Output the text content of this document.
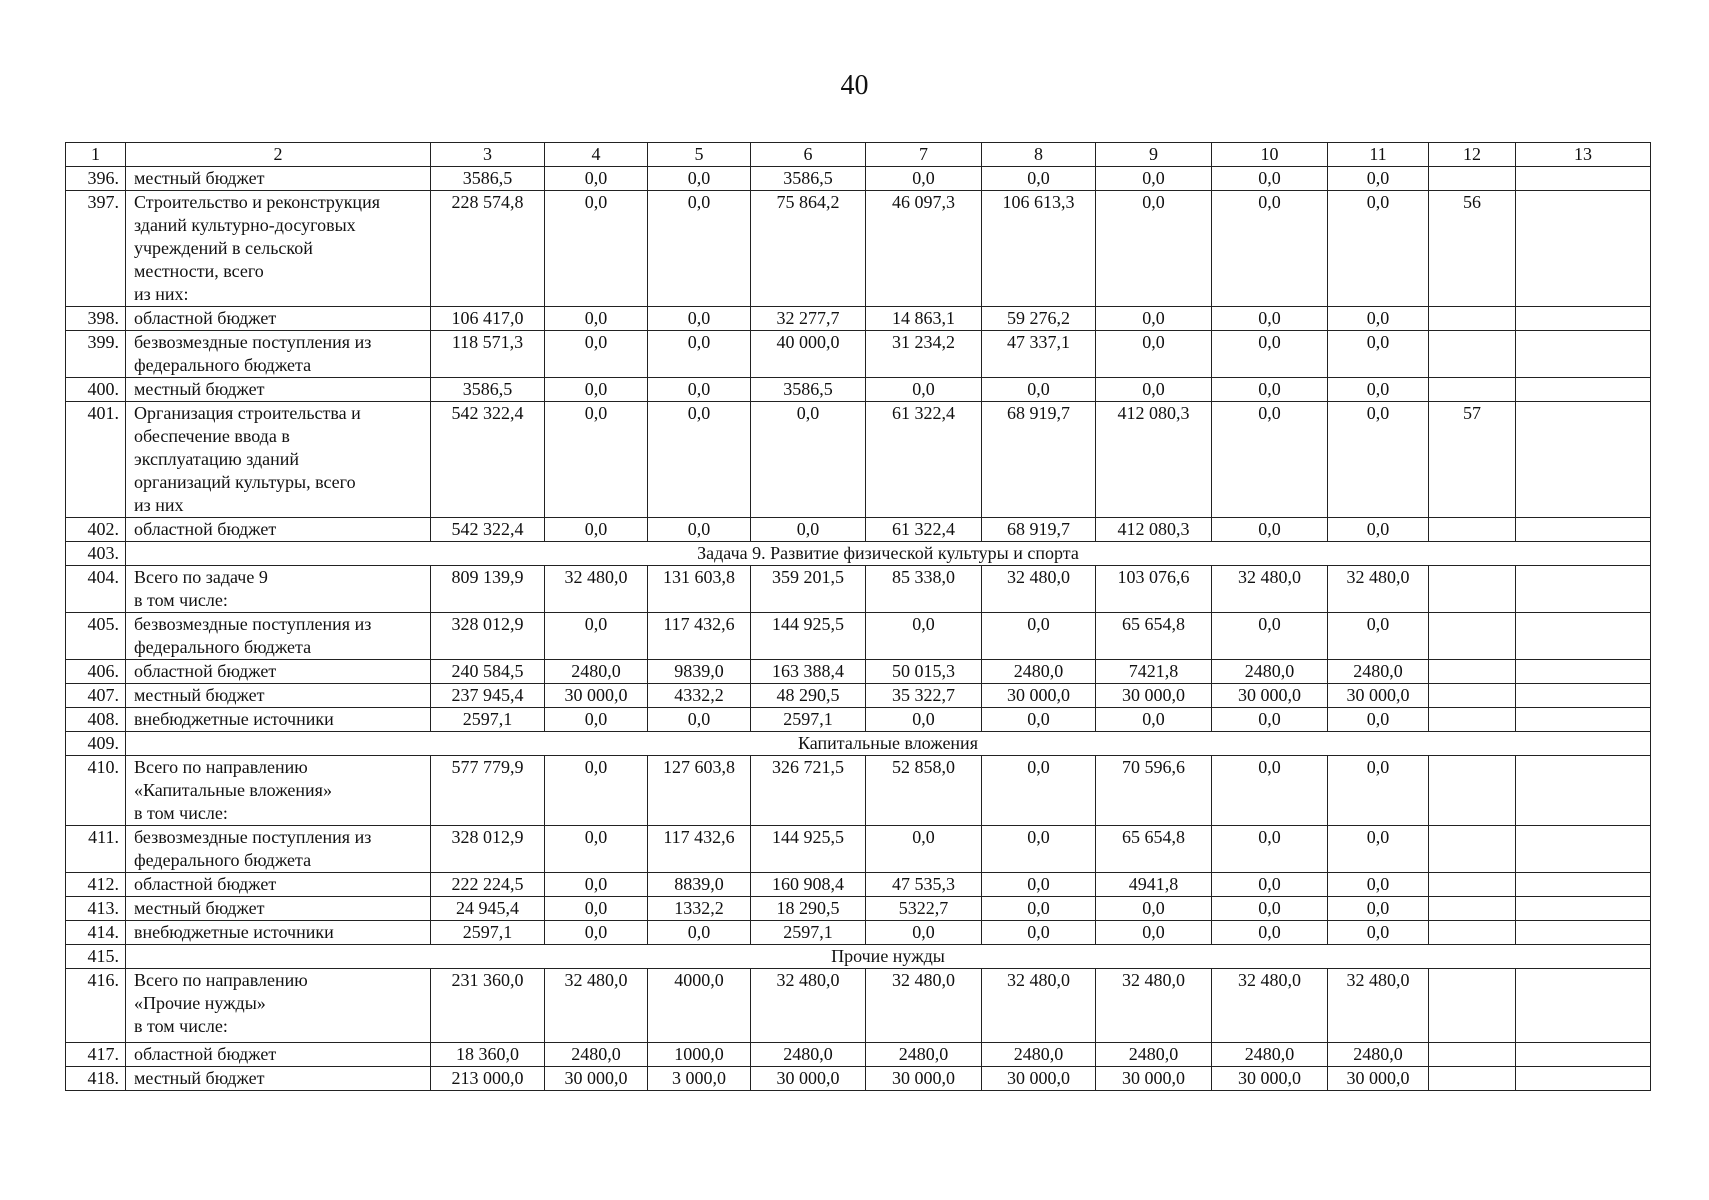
40
1	2	3	4	5	6	7	8	9	10	11	12	13
396.	местный бюджет	3586,5	0,0	0,0	3586,5	0,0	0,0	0,0	0,0	0,0		
397.	Строительство и реконструкция
зданий культурно-досуговых
учреждений в сельской
местности, всего
из них:	228 574,8	0,0	0,0	75 864,2	46 097,3	106 613,3	0,0	0,0	0,0	56	
398.	областной бюджет	106 417,0	0,0	0,0	32 277,7	14 863,1	59 276,2	0,0	0,0	0,0		
399.	безвозмездные поступления из
федерального бюджета	118 571,3	0,0	0,0	40 000,0	31 234,2	47 337,1	0,0	0,0	0,0		
400.	местный бюджет	3586,5	0,0	0,0	3586,5	0,0	0,0	0,0	0,0	0,0		
401.	Организация строительства и
обеспечение ввода в
эксплуатацию зданий
организаций культуры, всего
из них	542 322,4	0,0	0,0	0,0	61 322,4	68 919,7	412 080,3	0,0	0,0	57	
402.	областной бюджет	542 322,4	0,0	0,0	0,0	61 322,4	68 919,7	412 080,3	0,0	0,0		
403.	Задача 9. Развитие физической культуры и спорта											
404.	Всего по задаче 9
в том числе:	809 139,9	32 480,0	131 603,8	359 201,5	85 338,0	32 480,0	103 076,6	32 480,0	32 480,0		
405.	безвозмездные поступления из
федерального бюджета	328 012,9	0,0	117 432,6	144 925,5	0,0	0,0	65 654,8	0,0	0,0		
406.	областной бюджет	240 584,5	2480,0	9839,0	163 388,4	50 015,3	2480,0	7421,8	2480,0	2480,0		
407.	местный бюджет	237 945,4	30 000,0	4332,2	48 290,5	35 322,7	30 000,0	30 000,0	30 000,0	30 000,0		
408.	внебюджетные источники	2597,1	0,0	0,0	2597,1	0,0	0,0	0,0	0,0	0,0		
409.	Капитальные вложения											
410.	Всего по направлению
«Капитальные вложения»
в том числе:	577 779,9	0,0	127 603,8	326 721,5	52 858,0	0,0	70 596,6	0,0	0,0		
411.	безвозмездные поступления из
федерального бюджета	328 012,9	0,0	117 432,6	144 925,5	0,0	0,0	65 654,8	0,0	0,0		
412.	областной бюджет	222 224,5	0,0	8839,0	160 908,4	47 535,3	0,0	4941,8	0,0	0,0		
413.	местный бюджет	24 945,4	0,0	1332,2	18 290,5	5322,7	0,0	0,0	0,0	0,0		
414.	внебюджетные источники	2597,1	0,0	0,0	2597,1	0,0	0,0	0,0	0,0	0,0		
415.	Прочие нужды											
416.	Всего по направлению
«Прочие нужды»
в том числе:	231 360,0	32 480,0	4000,0	32 480,0	32 480,0	32 480,0	32 480,0	32 480,0	32 480,0		
417.	областной бюджет	18 360,0	2480,0	1000,0	2480,0	2480,0	2480,0	2480,0	2480,0	2480,0		
418.	местный бюджет	213 000,0	30 000,0	3 000,0	30 000,0	30 000,0	30 000,0	30 000,0	30 000,0	30 000,0		
